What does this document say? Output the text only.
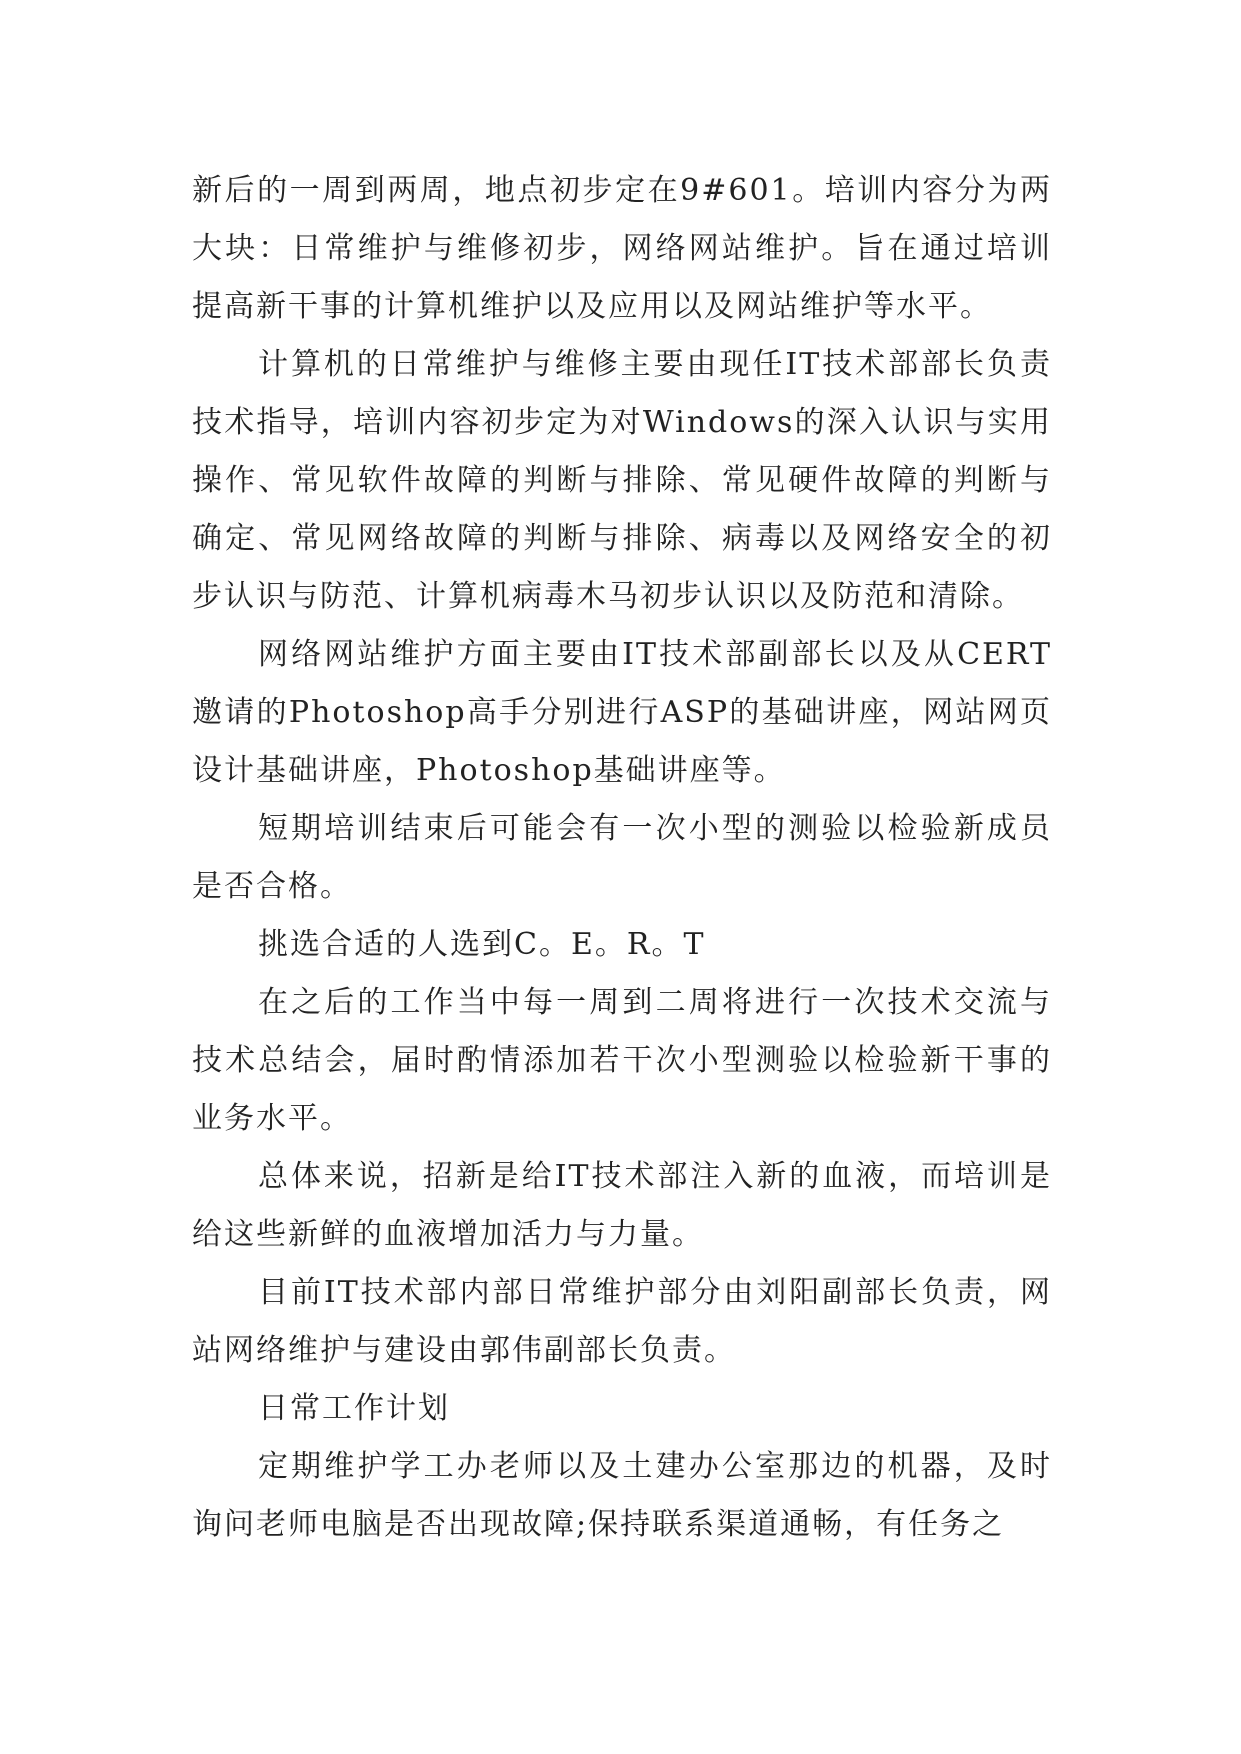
新后的一周到两周，地点初步定在9#601。培训内容分为两大块：日常维护与维修初步，网络网站维护。旨在通过培训提高新干事的计算机维护以及应用以及网站维护等水平。

计算机的日常维护与维修主要由现任IT技术部部长负责技术指导，培训内容初步定为对Windows的深入认识与实用操作、常见软件故障的判断与排除、常见硬件故障的判断与确定、常见网络故障的判断与排除、病毒以及网络安全的初步认识与防范、计算机病毒木马初步认识以及防范和清除。

网络网站维护方面主要由IT技术部副部长以及从CERT邀请的Photoshop高手分别进行ASP的基础讲座，网站网页设计基础讲座，Photoshop基础讲座等。

短期培训结束后可能会有一次小型的测验以检验新成员是否合格。

挑选合适的人选到C。E。R。T

在之后的工作当中每一周到二周将进行一次技术交流与技术总结会，届时酌情添加若干次小型测验以检验新干事的业务水平。

总体来说，招新是给IT技术部注入新的血液，而培训是给这些新鲜的血液增加活力与力量。

目前IT技术部内部日常维护部分由刘阳副部长负责，网站网络维护与建设由郭伟副部长负责。

日常工作计划

定期维护学工办老师以及土建办公室那边的机器，及时询问老师电脑是否出现故障;保持联系渠道通畅，有任务之
